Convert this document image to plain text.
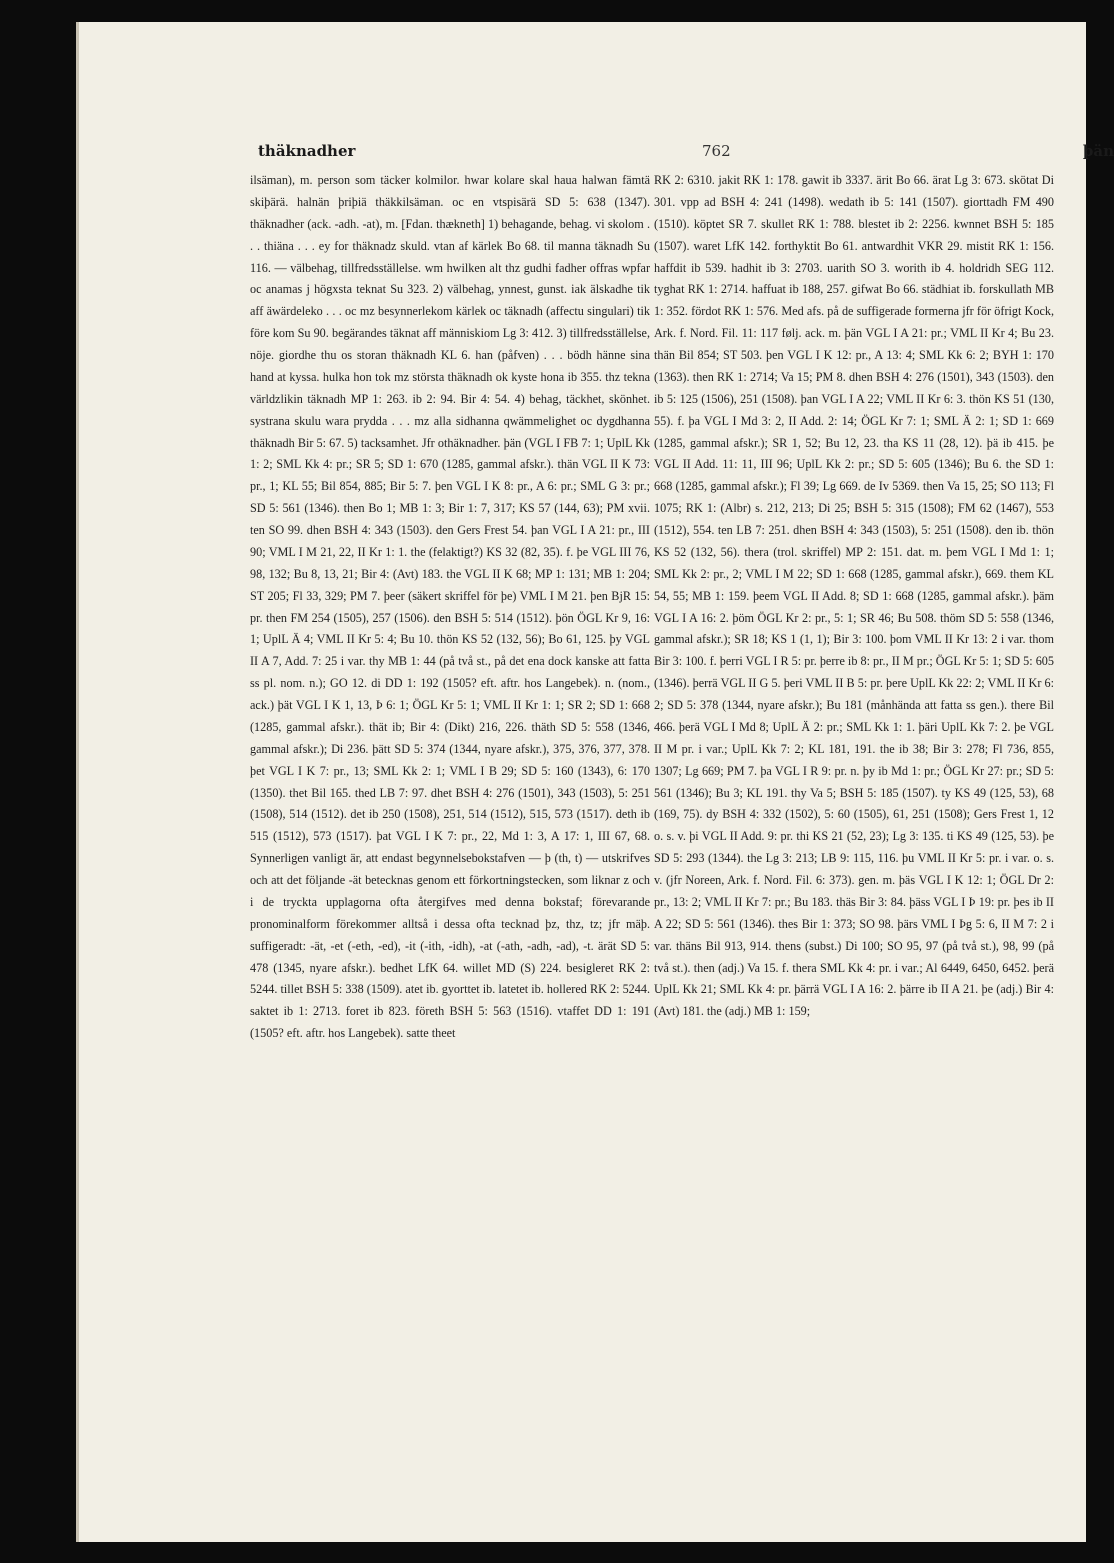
thäknadher	762	þän

ilsäman), m. person som täcker kolmilor. hwar kolare skal haua halwan fämtä skiþärä. halnän þriþiä thäkkilsäman. oc en vtspisärä SD 5: 638 (1347). thäknadher (ack. -adh. -at), m. [Fdan. thækneth] 1) behagande, behag. vi skolom . . . thiäna . . . ey for thäknadz skuld. vtan af kärlek Bo 68. til manna täknadh Su 116. — välbehag, tillfredsställelse. wm hwilken alt thz gudhi fadher offras wpfar oc anamas j högxsta teknat Su 323. 2) välbehag, ynnest, gunst. iak älskadhe tik aff äwärdeleko . . . oc mz besynnerlekom kärlek oc täknadh (affectu singulari) tik före kom Su 90. begärandes täknat aff människiom Lg 3: 412. 3) tillfredsställelse, nöje. giordhe thu os storan thäknadh KL 6. han (påfven) . . . bödh hänne sina hand at kyssa. hulka hon tok mz största thäknadh ok kyste hona ib 355. thz tekna världzlikin täknadh MP 1: 263. ib 2: 94. Bir 4: 54. 4) behag, täckhet, skönhet. systrana skulu wara prydda . . . mz alla sidhanna qwämmelighet oc dygdhanna thäknadh Bir 5: 67. 5) tacksamhet. Jfr othäknadher. þän (VGL I FB 7: 1; UplL Kk 1: 2; SML Kk 4: pr.; SR 5; SD 1: 670 (1285, gammal afskr.). thän VGL II K 73: pr., 1; KL 55; Bil 854, 885; Bir 5: 7. þen VGL I K 8: pr., A 6: pr.; SML G 3: pr.; SD 5: 561 (1346). then Bo 1; MB 1: 3; Bir 1: 7, 317; KS 57 (144, 63); PM xvii. ten SO 99. dhen BSH 4: 343 (1503). den Gers Frest 54. þan VGL I A 21: pr., III 90; VML I M 21, 22, II Kr 1: 1. the (felaktigt?) KS 32 (82, 35). f. þe VGL III 76, 98, 132; Bu 8, 13, 21; Bir 4: (Avt) 183. the VGL II K 68; MP 1: 131; MB 1: 204; ST 205; Fl 33, 329; PM 7. þeer (säkert skriffel för þe) VML I M 21. þen BjR 15: pr. then FM 254 (1505), 257 (1506). den BSH 5: 514 (1512). þön ÖGL Kr 9, 16: 1; UplL Ä 4; VML II Kr 5: 4; Bu 10. thön KS 52 (132, 56); Bo 61, 125. þy VGL II A 7, Add. 7: 25 i var. thy MB 1: 44 (på två st., på det ena dock kanske att fatta ss pl. nom. n.); GO 12. di DD 1: 192 (1505? eft. aftr. hos Langebek). n. (nom., ack.) þät VGL I K 1, 13, Þ 6: 1; ÖGL Kr 5: 1; VML II Kr 1: 1; SR 2; SD 1: 668 (1285, gammal afskr.). thät ib; Bir 4: (Dikt) 216, 226. thäth SD 5: 558 (1346, gammal afskr.); Di 236. þätt SD 5: 374 (1344, nyare afskr.), 375, 376, 377, 378. þet VGL I K 7: pr., 13; SML Kk 2: 1; VML I B 29; SD 5: 160 (1343), 6: 170 (1350). thet Bil 165. thed LB 7: 97. dhet BSH 4: 276 (1501), 343 (1503), 5: 251 (1508), 514 (1512). det ib 250 (1508), 251, 514 (1512), 515, 573 (1517). deth ib 515 (1512), 573 (1517). þat VGL I K 7: pr., 22, Md 1: 3, A 17: 1, III 67, 68. Synnerligen vanligt är, att endast begynnelsebokstafven — þ (th, t) — utskrifves och att det följande -ät betecknas genom ett förkortningstecken, som liknar z och i de tryckta upplagorna ofta återgifves med denna bokstaf; förevarande pronominalform förekommer alltså i dessa ofta tecknad þz, thz, tz; jfr mäþ. suffigeradt: -ät, -et (-eth, -ed), -it (-ith, -idh), -at (-ath, -adh, -ad), -t. ärät SD 5: 478 (1345, nyare afskr.). bedhet LfK 64. willet MD (S) 224. besigleret RK 2: 5244. tillet BSH 5: 338 (1509). atet ib. gyorttet ib. latetet ib. hollered RK 2: 5244. saktet ib 1: 2713. foret ib 823. företh BSH 5: 563 (1516). vtaffet DD 1: 191 (1505? eft. aftr. hos Langebek). satte theet

RK 2: 6310. jakit RK 1: 178. gawit ib 3337. ärit Bo 66. ärat Lg 3: 673. skötat Di 301. vpp ad BSH 4: 241 (1498). wedath ib 5: 141 (1507). giorttadh FM 490 (1510). köptet SR 7. skullet RK 1: 788. blestet ib 2: 2256. kwnnet BSH 5: 185 (1507). waret LfK 142. forthyktit Bo 61. antwardhit VKR 29. mistit RK 1: 156. haffdit ib 539. hadhit ib 3: 2703. uarith SO 3. worith ib 4. holdridh SEG 112. tyghat RK 1: 2714. haffuat ib 188, 257. gifwat Bo 66. städhiat ib. forskullath MB 1: 352. fördot RK 1: 576. Med afs. på de suffigerade formerna jfr för öfrigt Kock, Ark. f. Nord. Fil. 11: 117 følj. ack. m. þän VGL I A 21: pr.; VML II Kr 4; Bu 23. thän Bil 854; ST 503. þen VGL I K 12: pr., A 13: 4; SML Kk 6: 2; BYH 1: 170 (1363). then RK 1: 2714; Va 15; PM 8. dhen BSH 4: 276 (1501), 343 (1503). den ib 5: 125 (1506), 251 (1508). þan VGL I A 22; VML II Kr 6: 3. thön KS 51 (130, 55). f. þa VGL I Md 3: 2, II Add. 2: 14; ÖGL Kr 7: 1; SML Ä 2: 1; SD 1: 669 (1285, gammal afskr.); SR 1, 52; Bu 12, 23. tha KS 11 (28, 12). þä ib 415. þe VGL II Add. 11: 11, III 96; UplL Kk 2: pr.; SD 5: 605 (1346); Bu 6. the SD 1: 668 (1285, gammal afskr.); Fl 39; Lg 669. de Iv 5369. then Va 15, 25; SO 113; Fl 1075; RK 1: (Albr) s. 212, 213; Di 25; BSH 5: 315 (1508); FM 62 (1467), 553 (1512), 554. ten LB 7: 251. dhen BSH 4: 343 (1503), 5: 251 (1508). den ib. thön KS 52 (132, 56). thera (trol. skriffel) MP 2: 151. dat. m. þem VGL I Md 1: 1; SML Kk 2: pr., 2; VML I M 22; SD 1: 668 (1285, gammal afskr.), 669. them KL 54, 55; MB 1: 159. þeem VGL II Add. 8; SD 1: 668 (1285, gammal afskr.). þäm VGL I A 16: 2. þöm ÖGL Kr 2: pr., 5: 1; SR 46; Bu 508. thöm SD 5: 558 (1346, gammal afskr.); SR 18; KS 1 (1, 1); Bir 3: 100. þom VML II Kr 13: 2 i var. thom Bir 3: 100. f. þerri VGL I R 5: pr. þerre ib 8: pr., II M pr.; ÖGL Kr 5: 1; SD 5: 605 (1346). þerrä VGL II G 5. þeri VML II B 5: pr. þere UplL Kk 22: 2; VML II Kr 6: 2; SD 5: 378 (1344, nyare afskr.); Bu 181 (månhända att fatta ss gen.). there Bil 466. þerä VGL I Md 8; UplL Ä 2: pr.; SML Kk 1: 1. þäri UplL Kk 7: 2. þe VGL II M pr. i var.; UplL Kk 7: 2; KL 181, 191. the ib 38; Bir 3: 278; Fl 736, 855, 1307; Lg 669; PM 7. þa VGL I R 9: pr. n. þy ib Md 1: pr.; ÖGL Kr 27: pr.; SD 5: 561 (1346); Bu 3; KL 191. thy Va 5; BSH 5: 185 (1507). ty KS 49 (125, 53), 68 (169, 75). dy BSH 4: 332 (1502), 5: 60 (1505), 61, 251 (1508); Gers Frest 1, 12 o. s. v. þi VGL II Add. 9: pr. thi KS 21 (52, 23); Lg 3: 135. ti KS 49 (125, 53). þe SD 5: 293 (1344). the Lg 3: 213; LB 9: 115, 116. þu VML II Kr 5: pr. i var. o. s. v. (jfr Noreen, Ark. f. Nord. Fil. 6: 373). gen. m. þäs VGL I K 12: 1; ÖGL Dr 2: pr., 13: 2; VML II Kr 7: pr.; Bu 183. thäs Bir 3: 84. þäss VGL I Þ 19: pr. þes ib II A 22; SD 5: 561 (1346). thes Bir 1: 373; SO 98. þärs VML I Þg 5: 6, II M 7: 2 i var. thäns Bil 913, 914. thens (subst.) Di 100; SO 95, 97 (på två st.), 98, 99 (på två st.). then (adj.) Va 15. f. thera SML Kk 4: pr. i var.; Al 6449, 6450, 6452. þerä UplL Kk 21; SML Kk 4: pr. þärrä VGL I A 16: 2. þärre ib II A 21. þe (adj.) Bir 4: (Avt) 181. the (adj.) MB 1: 159;
